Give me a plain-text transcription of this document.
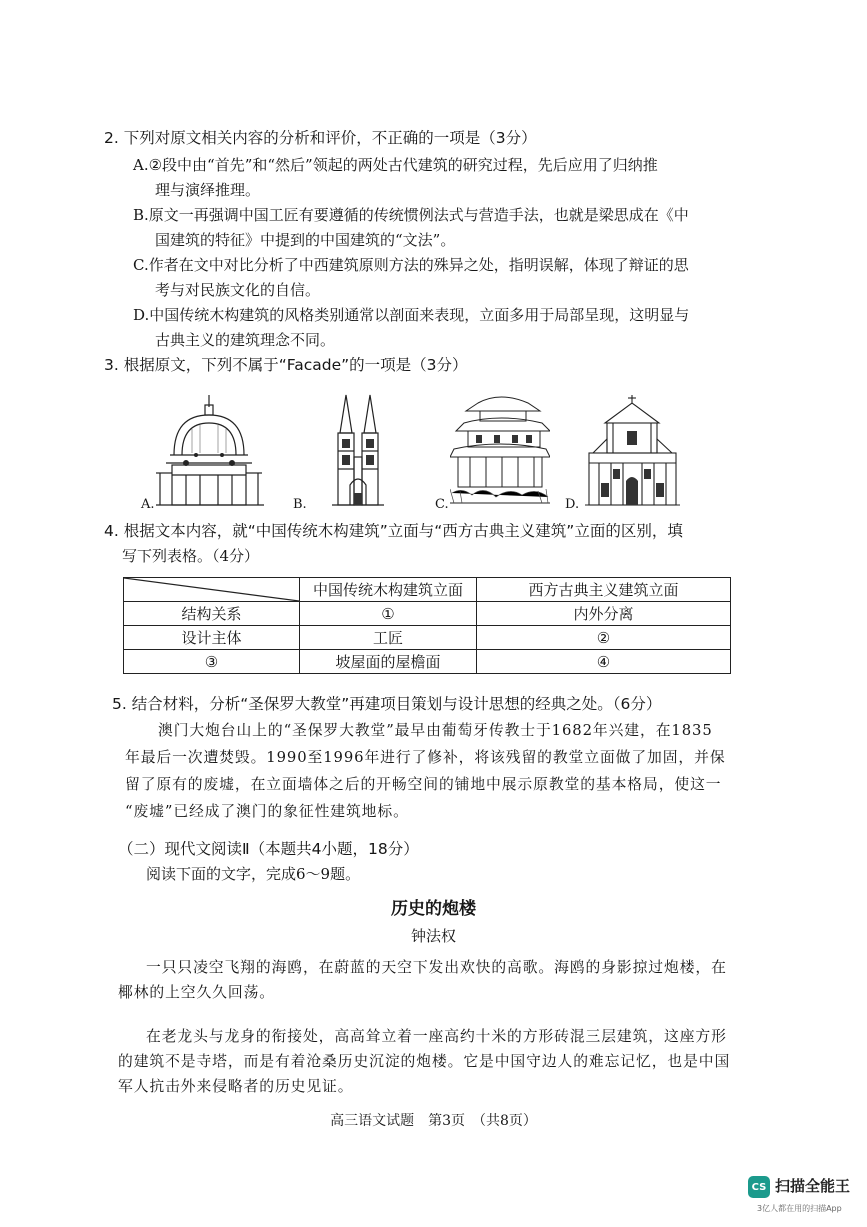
2. 下列对原文相关内容的分析和评价，不正确的一项是（3分）
A.②段中由“首先”和“然后”领起的两处古代建筑的研究过程，先后应用了归纳推
理与演绎推理。
B.原文一再强调中国工匠有要遵循的传统惯例法式与营造手法，也就是梁思成在《中
国建筑的特征》中提到的中国建筑的“文法”。
C.作者在文中对比分析了中西建筑原则方法的殊异之处，指明误解，体现了辩证的思
考与对民族文化的自信。
D.中国传统木构建筑的风格类别通常以剖面来表现，立面多用于局部呈现，这明显与
古典主义的建筑理念不同。
3. 根据原文，下列不属于“Facade”的一项是（3分）
A.	B.	C.	D.
4. 根据文本内容，就“中国传统木构建筑”立面与“西方古典主义建筑”立面的区别，填
写下列表格。（4分）
	中国传统木构建筑立面	西方古典主义建筑立面
结构关系	①	内外分离
设计主体	工匠	②
③	坡屋面的屋檐面	④
5. 结合材料，分析“圣保罗大教堂”再建项目策划与设计思想的经典之处。（6分）
澳门大炮台山上的“圣保罗大教堂”最早由葡萄牙传教士于1682年兴建，在1835
年最后一次遭焚毁。1990至1996年进行了修补，将该残留的教堂立面做了加固，并保
留了原有的废墟，在立面墙体之后的开畅空间的铺地中展示原教堂的基本格局，使这一
“废墟”已经成了澳门的象征性建筑地标。
（二）现代文阅读Ⅱ（本题共4小题，18分）
阅读下面的文字，完成6～9题。
历史的炮楼
钟法权
一只只凌空飞翔的海鸥，在蔚蓝的天空下发出欢快的高歌。海鸥的身影掠过炮楼，在
椰林的上空久久回荡。
在老龙头与龙身的衔接处，高高耸立着一座高约十米的方形砖混三层建筑，这座方形
的建筑不是寺塔，而是有着沧桑历史沉淀的炮楼。它是中国守边人的难忘记忆，也是中国
军人抗击外来侵略者的历史见证。
高三语文试题　第3页　（共8页）
CS 扫描全能王
3亿人都在用的扫描App
